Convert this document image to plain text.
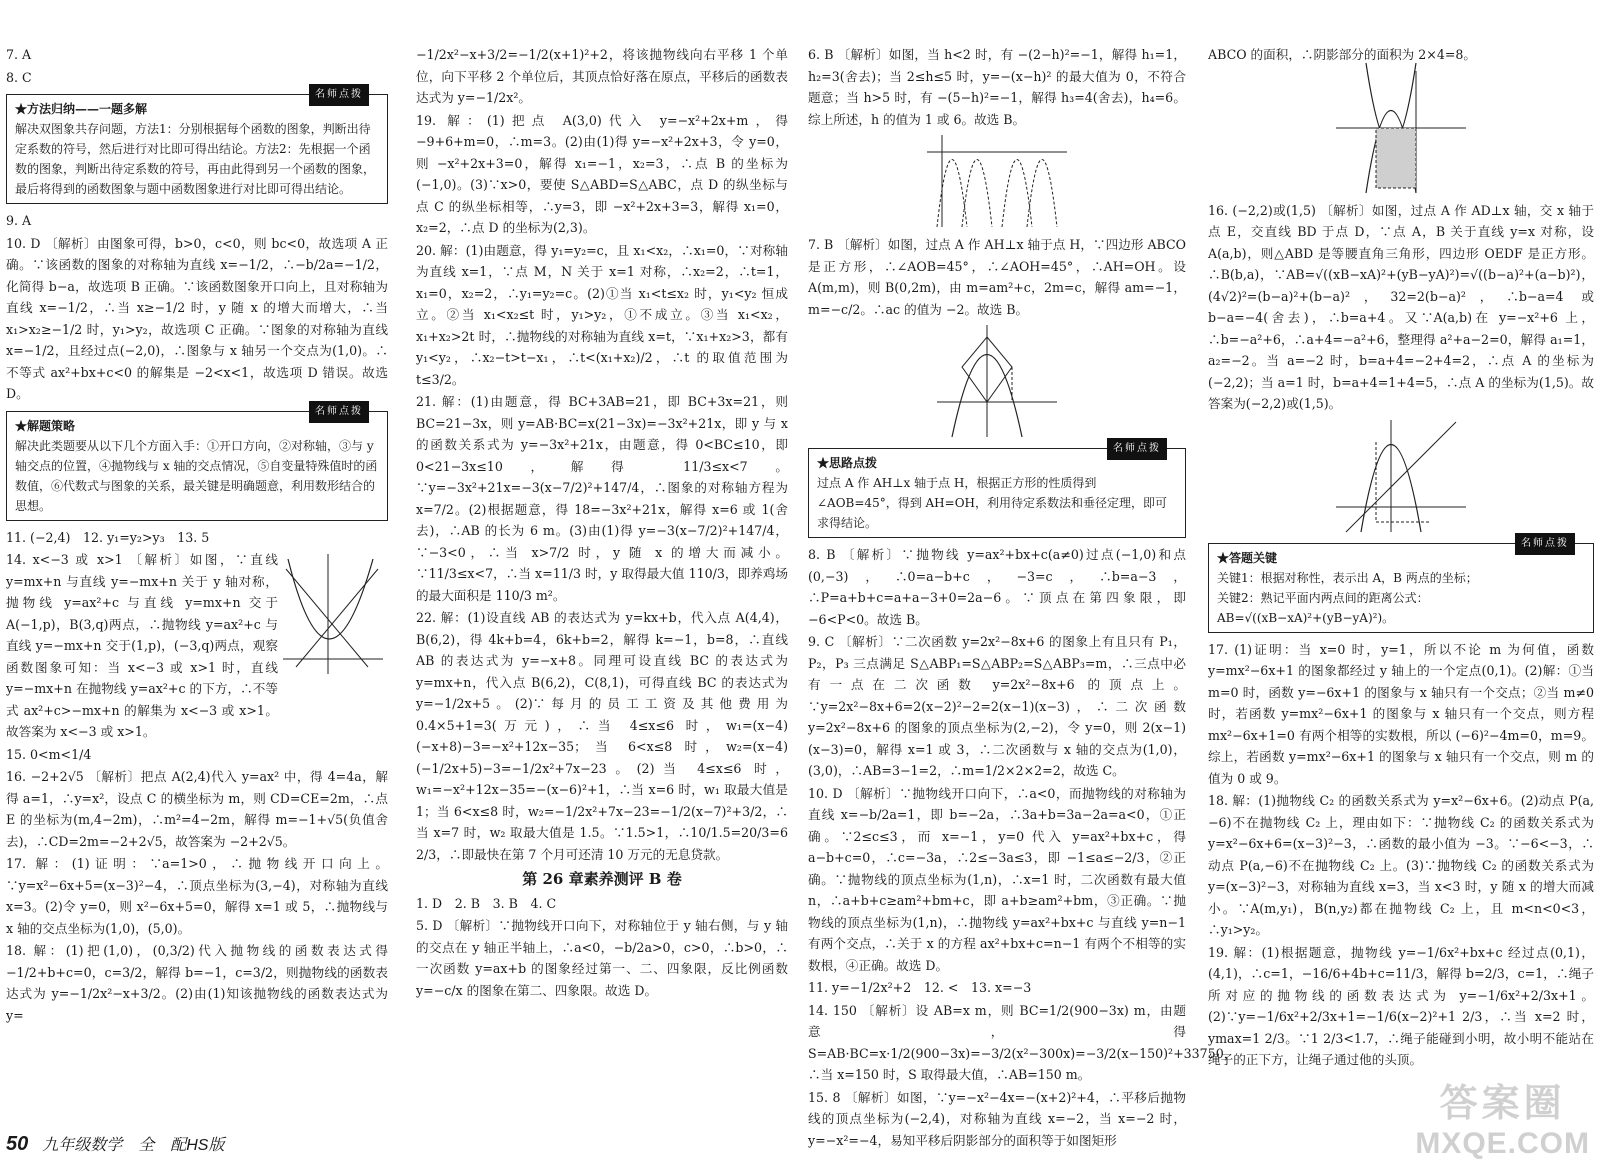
7. A
8. C
名师点拨
★方法归纳——一题多解
解决双图象共存问题，方法1：分别根据每个函数的图象，判断出待定系数的符号，然后进行对比即可得出结论。方法2：先根据一个函数的图象，判断出待定系数的符号，再由此得到另一个函数的图象，最后将得到的函数图象与题中函数图象进行对比即可得出结论。
9. A
10. D 〔解析〕由图象可得，b>0，c<0，则 bc<0，故选项 A 正确。∵该函数的图象的对称轴为直线 x=−1/2，∴−b/2a=−1/2，化简得 b−a，故选项 B 正确。∵该函数图象开口向上，且对称轴为直线 x=−1/2，∴当 x≥−1/2 时，y 随 x 的增大而增大，∴当 x₁>x₂≥−1/2 时，y₁>y₂，故选项 C 正确。∵图象的对称轴为直线 x=−1/2，且经过点(−2,0)，∴图象与 x 轴另一个交点为(1,0)。∴不等式 ax²+bx+c<0 的解集是 −2<x<1，故选项 D 错误。故选 D。
名师点拨
★解题策略
解决此类题要从以下几个方面入手：①开口方向，②对称轴，③与 y 轴交点的位置，④抛物线与 x 轴的交点情况，⑤自变量特殊值时的函数值，⑥代数式与图象的关系，最关键是明确题意，利用数形结合的思想。
11. (−2,4)　12. y₁=y₂>y₃　13. 5
14. x<−3 或 x>1 〔解析〕如图，∵直线 y=mx+n 与直线 y=−mx+n 关于 y 轴对称，抛物线 y=ax²+c 与直线 y=mx+n 交于 A(−1,p)，B(3,q)两点，∴抛物线 y=ax²+c 与直线 y=−mx+n 交于(1,p)，(−3,q)两点，观察函数图象可知：当 x<−3 或 x>1 时，直线 y=−mx+n 在抛物线 y=ax²+c 的下方，∴不等式 ax²+c>−mx+n 的解集为 x<−3 或 x>1。故答案为 x<−3 或 x>1。
15. 0<m<1/4
16. −2+2√5 〔解析〕把点 A(2,4)代入 y=ax² 中，得 4=4a，解得 a=1，∴y=x²，设点 C 的横坐标为 m，则 CD=CE=2m，∴点 E 的坐标为(m,4−2m)，∴m²=4−2m，解得 m=−1+√5(负值舍去)，∴CD=2m=−2+2√5，故答案为 −2+2√5。
17. 解：(1)证明：∵a=1>0，∴抛物线开口向上。∵y=x²−6x+5=(x−3)²−4，∴顶点坐标为(3,−4)，对称轴为直线 x=3。(2)令 y=0，则 x²−6x+5=0，解得 x=1 或 5，∴抛物线与 x 轴的交点坐标为(1,0)，(5,0)。
18. 解：(1)把(1,0)，(0,3/2)代入抛物线的函数表达式得 −1/2+b+c=0，c=3/2，解得 b=−1，c=3/2，则抛物线的函数表达式为 y=−1/2x²−x+3/2。(2)由(1)知该抛物线的函数表达式为 y=
−1/2x²−x+3/2=−1/2(x+1)²+2，将该抛物线向右平移 1 个单位，向下平移 2 个单位后，其顶点恰好落在原点，平移后的函数表达式为 y=−1/2x²。
19. 解：(1)把点 A(3,0)代入 y=−x²+2x+m，得 −9+6+m=0，∴m=3。(2)由(1)得 y=−x²+2x+3，令 y=0，则 −x²+2x+3=0，解得 x₁=−1，x₂=3，∴点 B 的坐标为(−1,0)。(3)∵x>0，要使 S△ABD=S△ABC，点 D 的纵坐标与点 C 的纵坐标相等，∴y=3，即 −x²+2x+3=3，解得 x₁=0，x₂=2，∴点 D 的坐标为(2,3)。
20. 解：(1)由题意，得 y₁=y₂=c，且 x₁<x₂，∴x₁=0，∵对称轴为直线 x=1，∵点 M，N 关于 x=1 对称，∴x₂=2，∴t=1，x₁=0，x₂=2，∴y₁=y₂=c。(2)①当 x₁<t≤x₂ 时，y₁<y₂ 恒成立。②当 x₁<x₂≤t 时，y₁>y₂，①不成立。③当 x₁<x₂，x₁+x₂>2t 时，∴抛物线的对称轴为直线 x=t，∵x₁+x₂>3，都有 y₁<y₂，∴x₂−t>t−x₁，∴t<(x₁+x₂)/2，∴t 的取值范围为 t≤3/2。
21. 解：(1)由题意，得 BC+3AB=21，即 BC+3x=21，则 BC=21−3x，则 y=AB·BC=x(21−3x)=−3x²+21x，即 y 与 x 的函数关系式为 y=−3x²+21x，由题意，得 0<BC≤10，即 0<21−3x≤10，解得 11/3≤x<7。∵y=−3x²+21x=−3(x−7/2)²+147/4，∴图象的对称轴方程为 x=7/2。(2)根据题意，得 18=−3x²+21x，解得 x=6 或 1(舍去)，∴AB 的长为 6 m。(3)由(1)得 y=−3(x−7/2)²+147/4，∵−3<0，∴当 x>7/2 时，y 随 x 的增大而减小。∵11/3≤x<7，∴当 x=11/3 时，y 取得最大值 110/3，即养鸡场的最大面积是 110/3 m²。
22. 解：(1)设直线 AB 的表达式为 y=kx+b，代入点 A(4,4)，B(6,2)，得 4k+b=4，6k+b=2，解得 k=−1，b=8，∴直线 AB 的表达式为 y=−x+8。同理可设直线 BC 的表达式为 y=mx+n，代入点 B(6,2)，C(8,1)，可得直线 BC 的表达式为 y=−1/2x+5。(2)∵每月的员工工资及其他费用为 0.4×5+1=3(万元)，∴当 4≤x≤6 时，w₁=(x−4)(−x+8)−3=−x²+12x−35；当 6<x≤8 时，w₂=(x−4)(−1/2x+5)−3=−1/2x²+7x−23。(2)当 4≤x≤6 时，w₁=−x²+12x−35=−(x−6)²+1，∴当 x=6 时，w₁ 取最大值是 1；当 6<x≤8 时，w₂=−1/2x²+7x−23=−1/2(x−7)²+3/2，∴当 x=7 时，w₂ 取最大值是 1.5。∵1.5>1，∴10/1.5=20/3=6 2/3，∴即最快在第 7 个月可还清 10 万元的无息贷款。
第 26 章素养测评 B 卷
1. D　2. B　3. B　4. C
5. D 〔解析〕∵抛物线开口向下，对称轴位于 y 轴右侧，与 y 轴的交点在 y 轴正半轴上，∴a<0，−b/2a>0，c>0，∴b>0，∴一次函数 y=ax+b 的图象经过第一、二、四象限，反比例函数 y=−c/x 的图象在第二、四象限。故选 D。
6. B 〔解析〕如图，当 h<2 时，有 −(2−h)²=−1，解得 h₁=1，h₂=3(舍去)；当 2≤h≤5 时，y=−(x−h)² 的最大值为 0，不符合题意；当 h>5 时，有 −(5−h)²=−1，解得 h₃=4(舍去)，h₄=6。综上所述，h 的值为 1 或 6。故选 B。
7. B 〔解析〕如图，过点 A 作 AH⊥x 轴于点 H，∵四边形 ABCO 是正方形，∴∠AOB=45°，∴∠AOH=45°，∴AH=OH。设 A(m,m)，则 B(0,2m)，由 m=am²+c，2m=c，解得 am=−1，m=−c/2。∴ac 的值为 −2。故选 B。
名师点拨
★思路点拨
过点 A 作 AH⊥x 轴于点 H，根据正方形的性质得到∠AOB=45°，得到 AH=OH，利用待定系数法和垂径定理，即可求得结论。
8. B 〔解析〕∵抛物线 y=ax²+bx+c(a≠0)过点(−1,0)和点(0,−3)，∴0=a−b+c，−3=c，∴b=a−3，∴P=a+b+c=a+a−3+0=2a−6。∵顶点在第四象限，即 −6<P<0。故选 B。
9. C 〔解析〕∵二次函数 y=2x²−8x+6 的图象上有且只有 P₁，P₂，P₃ 三点满足 S△ABP₁=S△ABP₂=S△ABP₃=m，∴三点中必有一点在二次函数 y=2x²−8x+6 的顶点上。∵y=2x²−8x+6=2(x−2)²−2=2(x−1)(x−3)，∴二次函数 y=2x²−8x+6 的图象的顶点坐标为(2,−2)，令 y=0，则 2(x−1)(x−3)=0，解得 x=1 或 3，∴二次函数与 x 轴的交点为(1,0)，(3,0)，∴AB=3−1=2，∴m=1/2×2×2=2，故选 C。
10. D 〔解析〕∵抛物线开口向下，∴a<0，而抛物线的对称轴为直线 x=−b/2a=1，即 b=−2a，∴3a+b=3a−2a=a<0，①正确。∵2≤c≤3，而 x=−1，y=0 代入 y=ax²+bx+c，得 a−b+c=0，∴c=−3a，∴2≤−3a≤3，即 −1≤a≤−2/3，②正确。∵抛物线的顶点坐标为(1,n)，∴x=1 时，二次函数有最大值 n，∴a+b+c≥am²+bm+c，即 a+b≥am²+bm，③正确。∵抛物线的顶点坐标为(1,n)，∴抛物线 y=ax²+bx+c 与直线 y=n−1 有两个交点，∴关于 x 的方程 ax²+bx+c=n−1 有两个不相等的实数根，④正确。故选 D。
11. y=−1/2x²+2　12. <　13. x=−3
14. 150 〔解析〕设 AB=x m，则 BC=1/2(900−3x) m，由题意，得 S=AB·BC=x·1/2(900−3x)=−3/2(x²−300x)=−3/2(x−150)²+33750，∴当 x=150 时，S 取得最大值，∴AB=150 m。
15. 8 〔解析〕如图，∵y=−x²−4x=−(x+2)²+4，∴平移后抛物线的顶点坐标为(−2,4)，对称轴为直线 x=−2，当 x=−2 时，y=−x²=−4，易知平移后阴影部分的面积等于如图矩形
ABCO 的面积，∴阴影部分的面积为 2×4=8。
16. (−2,2)或(1,5) 〔解析〕如图，过点 A 作 AD⊥x 轴，交 x 轴于点 E，交直线 BD 于点 D，∵点 A，B 关于直线 y=x 对称，设 A(a,b)，则△ABD 是等腰直角三角形，四边形 OEDF 是正方形。∴B(b,a)，∵AB=√((xB−xA)²+(yB−yA)²)=√((b−a)²+(a−b)²)，(4√2)²=(b−a)²+(b−a)²，32=2(b−a)²，∴b−a=4 或 b−a=−4(舍去)，∴b=a+4。又∵A(a,b)在 y=−x²+6 上，∴b=−a²+6，∴a+4=−a²+6，整理得 a²+a−2=0，解得 a₁=1，a₂=−2。当 a=−2 时，b=a+4=−2+4=2，∴点 A 的坐标为(−2,2)；当 a=1 时，b=a+4=1+4=5，∴点 A 的坐标为(1,5)。故答案为(−2,2)或(1,5)。
名师点拨
★答题关键
关键1：根据对称性，表示出 A，B 两点的坐标；
关键2：熟记平面内两点间的距离公式：
AB=√((xB−xA)²+(yB−yA)²)。
17. (1)证明：当 x=0 时，y=1，所以不论 m 为何值，函数 y=mx²−6x+1 的图象都经过 y 轴上的一个定点(0,1)。(2)解：①当 m=0 时，函数 y=−6x+1 的图象与 x 轴只有一个交点；②当 m≠0 时，若函数 y=mx²−6x+1 的图象与 x 轴只有一个交点，则方程 mx²−6x+1=0 有两个相等的实数根，所以 (−6)²−4m=0，m=9。综上，若函数 y=mx²−6x+1 的图象与 x 轴只有一个交点，则 m 的值为 0 或 9。
18. 解：(1)抛物线 C₂ 的函数关系式为 y=x²−6x+6。(2)动点 P(a,−6)不在抛物线 C₂ 上，理由如下：∵抛物线 C₂ 的函数关系式为 y=x²−6x+6=(x−3)²−3，∴函数的最小值为 −3。∵−6<−3，∴动点 P(a,−6)不在抛物线 C₂ 上。(3)∵抛物线 C₂ 的函数关系式为 y=(x−3)²−3，对称轴为直线 x=3，当 x<3 时，y 随 x 的增大而减小。∵A(m,y₁)，B(n,y₂)都在抛物线 C₂ 上，且 m<n<0<3，∴y₁>y₂。
19. 解：(1)根据题意，抛物线 y=−1/6x²+bx+c 经过点(0,1)，(4,1)，∴c=1，−16/6+4b+c=11/3，解得 b=2/3，c=1，∴绳子所对应的抛物线的函数表达式为 y=−1/6x²+2/3x+1。(2)∵y=−1/6x²+2/3x+1=−1/6(x−2)²+1 2/3，∴当 x=2 时，ymax=1 2/3。∵1 2/3<1.7，∴绳子能碰到小明，故小明不能站在绳子的正下方，让绳子通过他的头顶。
50 九年级数学　全　配HS版
答案圈
MXQE.COM
